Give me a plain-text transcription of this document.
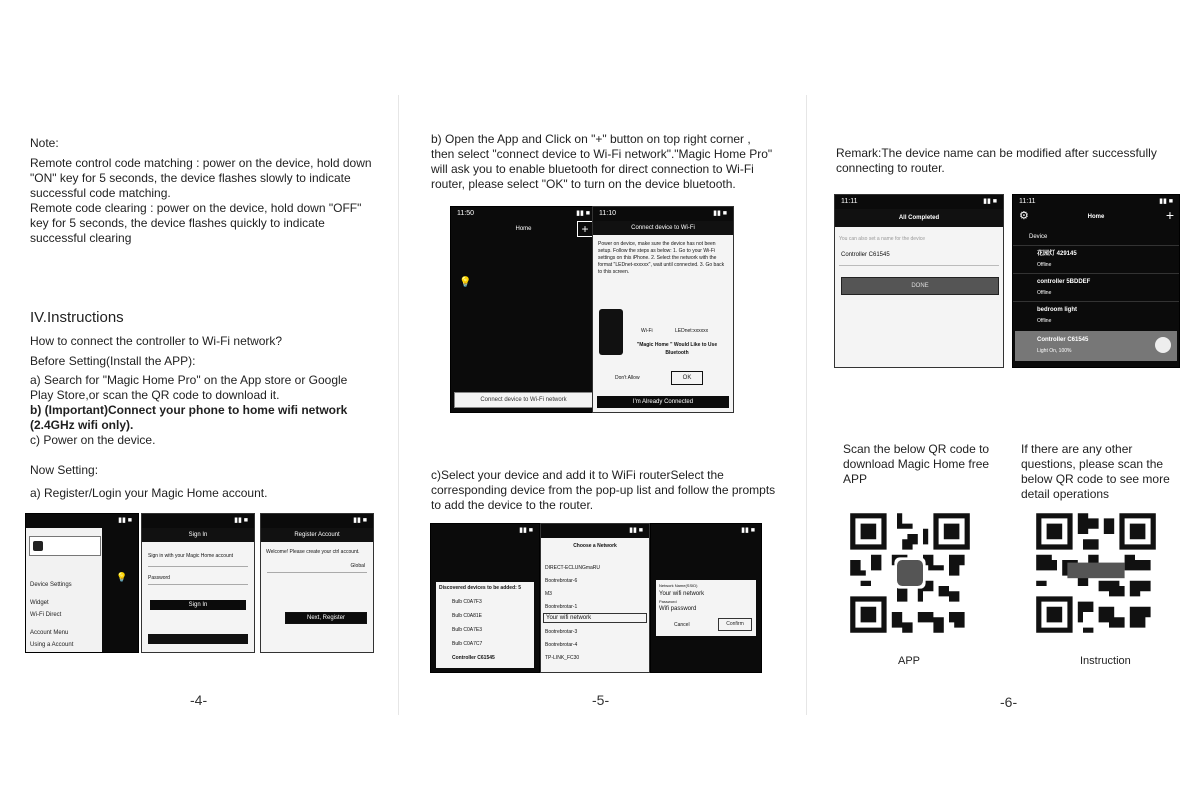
Note:
Remote control code matching : power on the device, hold down "ON" key for 5 seconds, the device flashes slowly to indicate successful code matching.
Remote code clearing : power on the device, hold down "OFF" key for 5 seconds, the device flashes quickly to indicate successful clearing
IV.Instructions
How to connect the controller to Wi-Fi network?
Before Setting(Install the APP):
a) Search for "Magic Home Pro" on the App store or Google Play Store,or scan the QR code to download it.
b) (Important)Connect your phone to home wifi network (2.4GHz wifi only).
c) Power on the device.
Now Setting:
a) Register/Login your Magic Home account.
▮▮ ■
Device Settings
Widget
Wi-Fi Direct
Account Menu
Using a Account
💡
▮▮ ■
Sign In
Sign in with your Magic Home account
Password
Sign In
▮▮ ■
Register Account
Welcome! Please create your ctrl account.
Global
Next, Register
-4-
b) Open the App and Click on "+" button on top right corner , then select "connect device to Wi-Fi network"."Magic Home Pro" will ask you to enable bluetooth for direct connection to Wi-Fi router, please select "OK" to turn on the device bluetooth.
11:50	▮▮ ■
Home	+
💡
Connect device to Wi-Fi network
11:10	▮▮ ■
Connect device to Wi-Fi
Power on device, make sure the device has not been setup. Follow the steps as below: 1. Go to your Wi-Fi settings on this iPhone. 2. Select the network with the format "LEDnet-xxxxxx", wait until connected. 3. Go back to this screen.
Wi-Fi	LEDnet:xxxxxx
"Magic Home " Would Like to Use Bluetooth
Don't Allow	OK
I'm Already Connected
c)Select your device and add it to WiFi routerSelect the corresponding device from the pop-up list and follow the prompts to add the device to the router.
▮▮ ■
Discovered devices to be added: 5
Bulb C0A7F3
Bulb C0A81E
Bulb C0A7E3
Bulb C0A7C7
Controller C61545
▮▮ ■
Choose a Network
DIRECT-ECLUNGmaRU
Bootrebrotar-6
M3
Bootrebrotar-1
Your wifi network
Bootrebrotar-3
Bootrebrotar-4
TP-LINK_FC30
▮▮ ■
Network Name(SSID)
Your wifi network
Password
Wifi password
Cancel	Confirm
-5-
Remark:The device name can be modified after successfully connecting to router.
11:11	▮▮ ■
All Completed
You can also set a name for the device
Controller C61545
DONE
11:11	▮▮ ■
⚙	Home	+
Device
花园灯 429145
Offline
controller 5BDDEF
Offline
bedroom light
Offline
Controller C61545
Light On, 100%
Scan the below QR code to download Magic Home free APP
If there are any other questions, please scan the below QR code to see more detail operations
APP	Instruction
-6-
